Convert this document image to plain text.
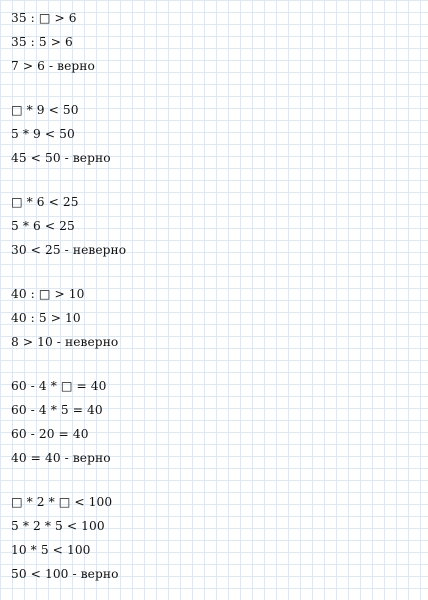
35 : □ > 6
35 : 5 > 6
7 > 6 - верно
□ * 9 < 50
5 * 9 < 50
45 < 50 - верно
□ * 6 < 25
5 * 6 < 25
30 < 25 - неверно
40 : □ > 10
40 : 5 > 10
8 > 10 - неверно
60 - 4 * □ = 40
60 - 4 * 5 = 40
60 - 20 = 40
40 = 40 - верно
□ * 2 * □ < 100
5 * 2 * 5 < 100
10 * 5 < 100
50 < 100 - верно
